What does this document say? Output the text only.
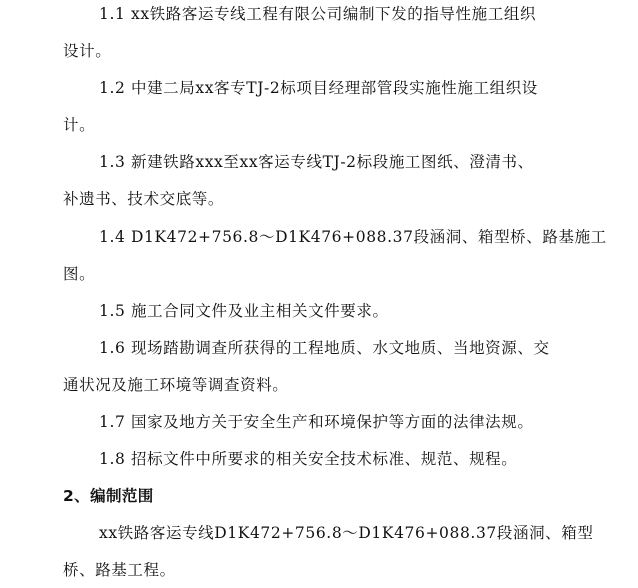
1.1 xx铁路客运专线工程有限公司编制下发的指导性施工组织
设计。
1.2 中建二局xx客专TJ-2标项目经理部管段实施性施工组织设
计。
1.3 新建铁路xxx至xx客运专线TJ-2标段施工图纸、澄清书、
补遗书、技术交底等。
1.4 D1K472+756.8～D1K476+088.37段涵洞、箱型桥、路基施工
图。
1.5 施工合同文件及业主相关文件要求。
1.6 现场踏勘调查所获得的工程地质、水文地质、当地资源、交
通状况及施工环境等调查资料。
1.7 国家及地方关于安全生产和环境保护等方面的法律法规。
1.8 招标文件中所要求的相关安全技术标准、规范、规程。
2、编制范围
xx铁路客运专线D1K472+756.8～D1K476+088.37段涵洞、箱型
桥、路基工程。
